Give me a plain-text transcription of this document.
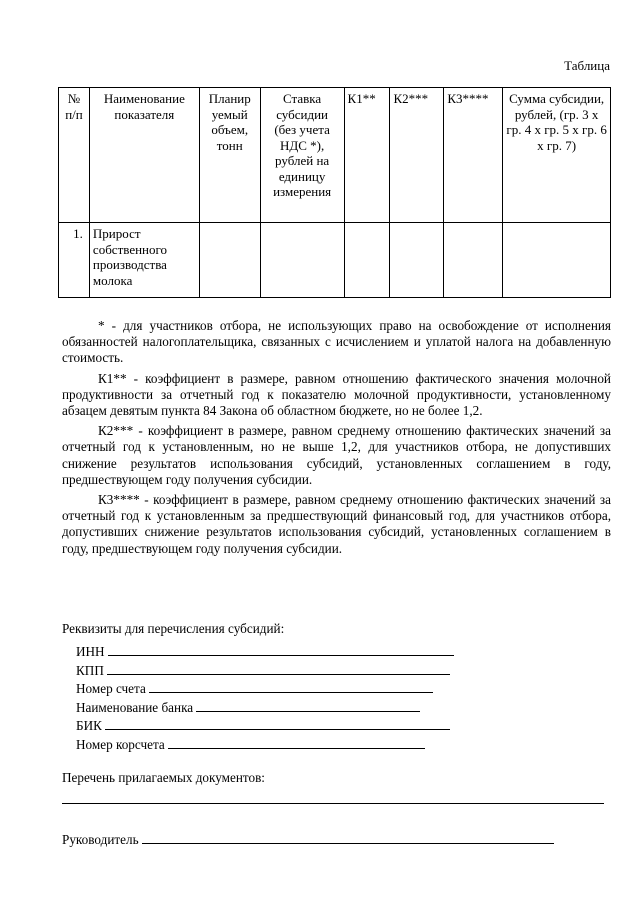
Таблица
№ п/п	Наименование показателя	Планир уемый объем, тонн	Ставка субсидии (без учета НДС *), рублей на единицу измерения	К1**	К2***	К3****	Сумма субсидии, рублей, (гр. 3 х гр. 4 х гр. 5 х гр. 6 х гр. 7)
1.	Прирост собственного производства молока						

* - для участников отбора, не использующих право на освобождение от исполнения обязанностей налогоплательщика, связанных с исчислением и уплатой налога на добавленную стоимость.

К1** - коэффициент в размере, равном отношению фактического значения молочной продуктивности за отчетный год к показателю молочной продуктивности, установленному абзацем девятым пункта 84 Закона об областном бюджете, но не более 1,2.

К2*** - коэффициент в размере, равном среднему отношению фактических значений за отчетный год к установленным, но не выше 1,2, для участников отбора, не допустивших снижение результатов использования субсидий, установленных соглашением в году, предшествующем году получения субсидии.

К3**** - коэффициент в размере, равном среднему отношению фактических значений за отчетный год к установленным за предшествующий финансовый год, для участников отбора, допустивших снижение результатов использования субсидий, установленных соглашением в году, предшествующем году получения субсидии.

Реквизиты для перечисления субсидий:
ИНН
КПП
Номер счета
Наименование банка
БИК
Номер корсчета
Перечень прилагаемых документов:
Руководитель
